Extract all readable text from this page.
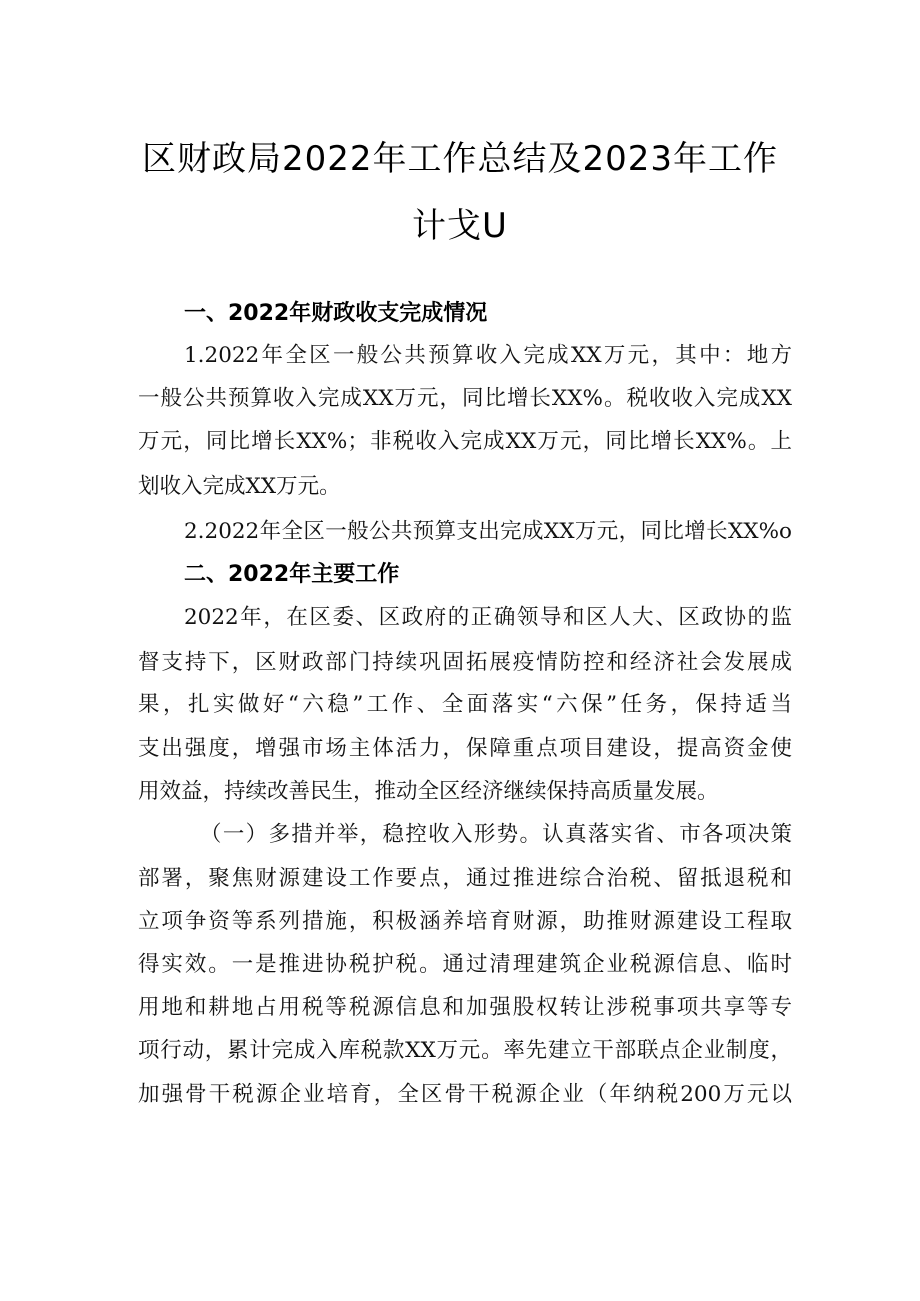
区财政局2022年工作总结及2023年工作
计戈U
一、2022年财政收支完成情况
1.2022年全区一般公共预算收入完成XX万元，其中：地方
一般公共预算收入完成XX万元，同比增长XX%。税收收入完成XX
万元，同比增长XX%；非税收入完成XX万元，同比增长XX%。上
划收入完成XX万元。
2.2022年全区一般公共预算支出完成XX万元，同比增长XX%o
二、2022年主要工作
2022年，在区委、区政府的正确领导和区人大、区政协的监
督支持下，区财政部门持续巩固拓展疫情防控和经济社会发展成
果，扎实做好“六稳”工作、全面落实“六保”任务，保持适当
支出强度，增强市场主体活力，保障重点项目建设，提高资金使
用效益，持续改善民生，推动全区经济继续保持高质量发展。
（一）多措并举，稳控收入形势。认真落实省、市各项决策
部署，聚焦财源建设工作要点，通过推进综合治税、留抵退税和
立项争资等系列措施，积极涵养培育财源，助推财源建设工程取
得实效。一是推进协税护税。通过清理建筑企业税源信息、临时
用地和耕地占用税等税源信息和加强股权转让涉税事项共享等专
项行动，累计完成入库税款XX万元。率先建立干部联点企业制度，
加强骨干税源企业培育，全区骨干税源企业（年纳税200万元以
